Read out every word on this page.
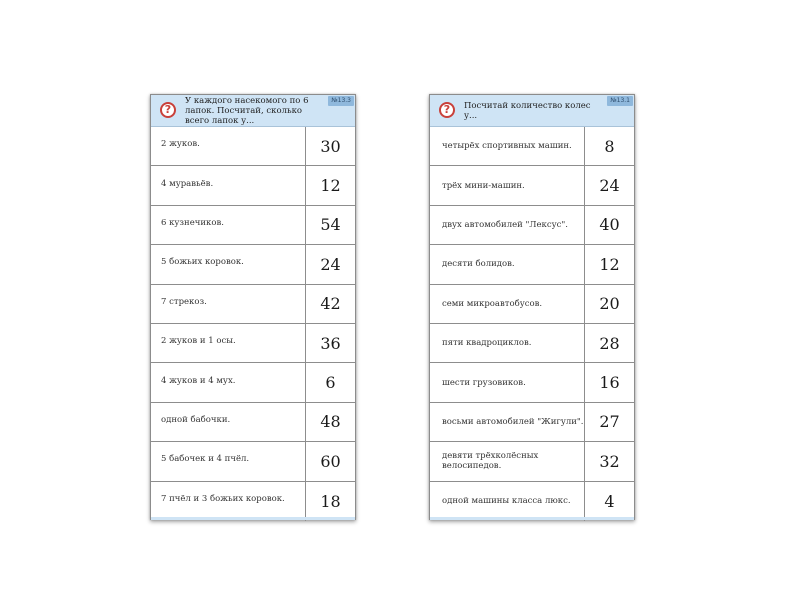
?
У каждого насекомого по 6 лапок. Посчитай, сколько всего лапок у...
№13.3
2 жуков.	30
4 муравьёв.	12
6 кузнечиков.	54
5 божьих коровок.	24
7 стрекоз.	42
2 жуков и 1 осы.	36
4 жуков и 4 мух.	6
одной бабочки.	48
5 бабочек и 4 пчёл.	60
7 пчёл и 3 божьих коровок.	18
?	Посчитай количество колес у...
№13.1
четырёх спортивных машин.	8
трёх мини-машин.	24
двух автомобилей "Лексус".	40
десяти болидов.	12
семи микроавтобусов.	20
пяти квадроциклов.	28
шести грузовиков.	16
восьми автомобилей "Жигули". 27
девяти трёхколёсных велосипедов.	32
одной машины класса люкс.	4
